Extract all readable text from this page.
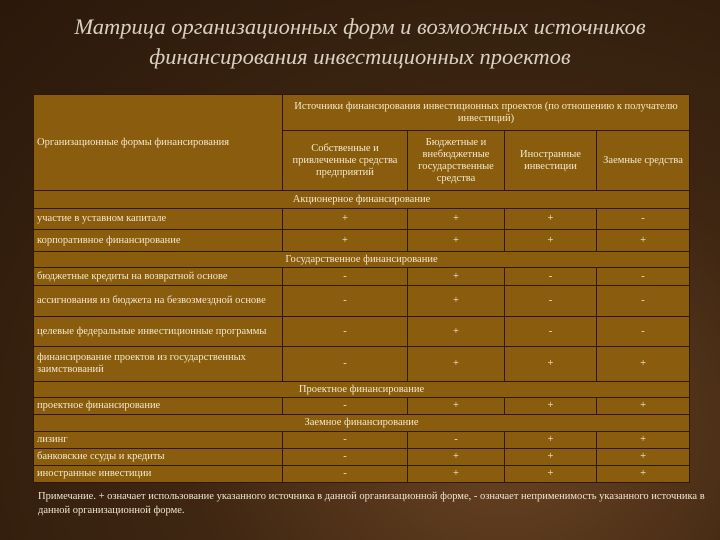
Матрица организационных форм и возможных источников финансирования инвестиционных проектов
Организационные формы финансирования	Источники финансирования инвестиционных проектов (по отношению к получателю инвестиций)			
	Собственные и привлеченные средства предприятий	Бюджетные и внебюджетные государственные средства	Иностранные инвестиции	Заемные средства
Акционерное финансирование				
участие в уставном капитале	+	+	+	-
корпоративное финансирование	+	+	+	+
Государственное финансирование				
бюджетные кредиты на возвратной основе	-	+	-	-
ассигнования из бюджета на безвозмездной основе	-	+	-	-
целевые федеральные инвестиционные программы	-	+	-	-
финансирование проектов из государственных заимствований	-	+	+	+
Проектное финансирование				
проектное финансирование	-	+	+	+
Заемное финансирование				
лизинг	-	-	+	+
банковские ссуды и кредиты	-	+	+	+
иностранные инвестиции	-	+	+	+
Примечание. + означает использование указанного источника в данной организационной форме, - означает неприменимость указанного источника в данной организационной форме.
